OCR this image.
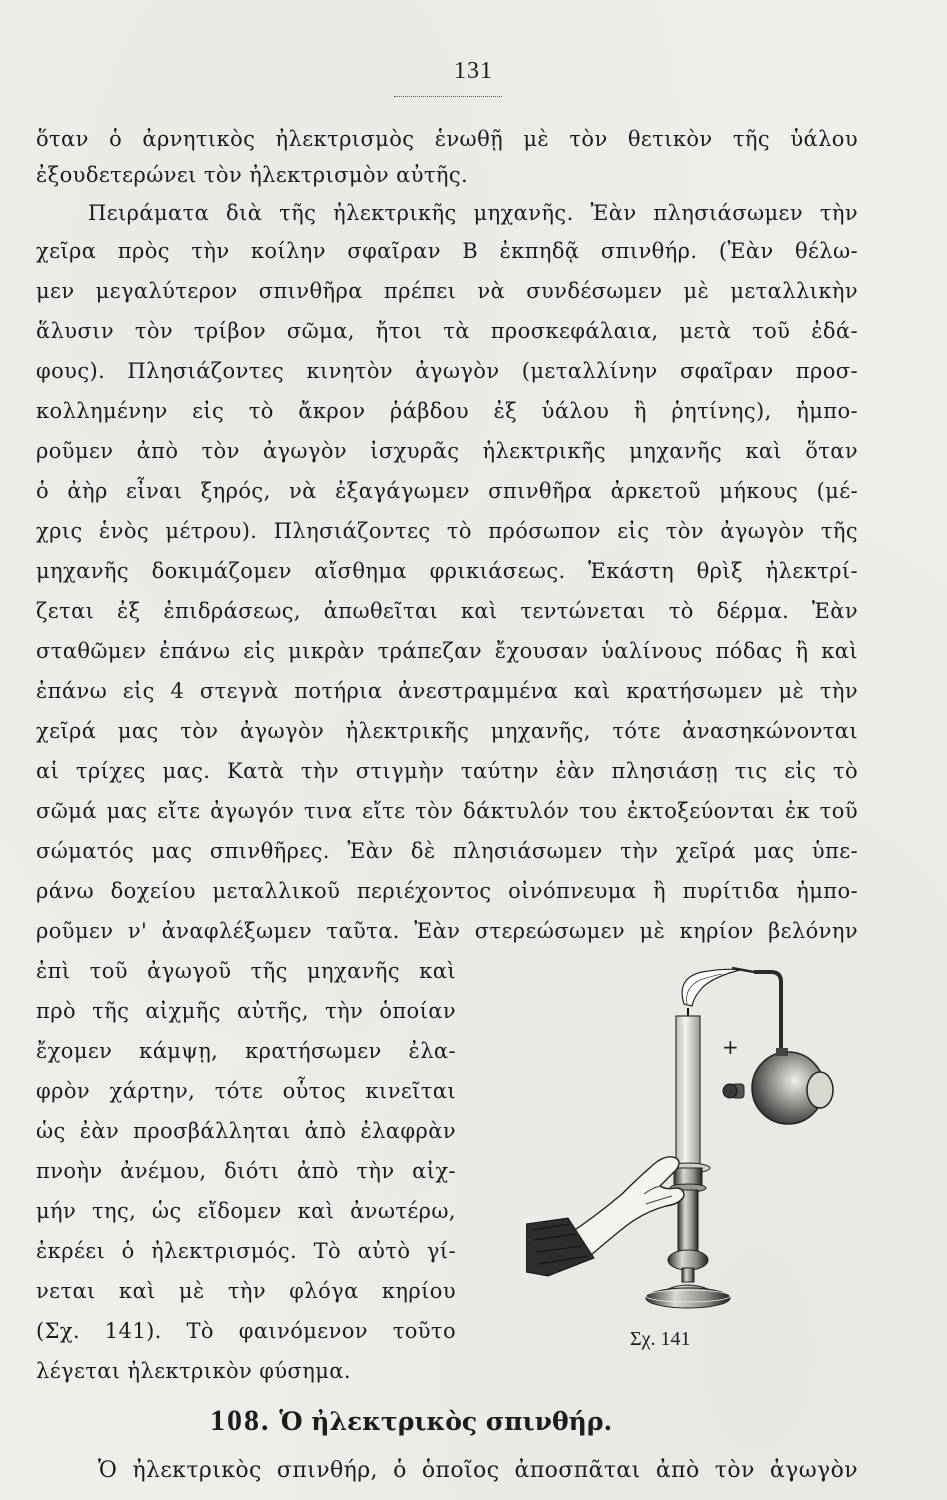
131
ὅταν ὁ ἀρνητικὸς ἠλεκτρισμὸς ἑνωθῇ μὲ τὸν θετικὸν τῆς ὑάλου
ἐξουδετερώνει τὸν ἠλεκτρισμὸν αὐτῆς.
Πειράματα διὰ τῆς ἠλεκτρικῆς μηχανῆς. Ἐὰν πλησιάσωμεν τὴν
χεῖρα πρὸς τὴν κοίλην σφαῖραν Β ἐκπηδᾷ σπινθήρ. (Ἐὰν θέλω-
μεν μεγαλύτερον σπινθῆρα πρέπει νὰ συνδέσωμεν μὲ μεταλλικὴν
ἅλυσιν τὸν τρίβον σῶμα, ἤτοι τὰ προσκεφάλαια, μετὰ τοῦ ἐδά-
φους). Πλησιάζοντες κινητὸν ἀγωγὸν (μεταλλίνην σφαῖραν προσ-
κολλημένην εἰς τὸ ἄκρον ῥάβδου ἐξ ὑάλου ἢ ῥητίνης), ἠμπο-
ροῦμεν ἀπὸ τὸν ἀγωγὸν ἰσχυρᾶς ἠλεκτρικῆς μηχανῆς καὶ ὅταν
ὁ ἀὴρ εἶναι ξηρός, νὰ ἐξαγάγωμεν σπινθῆρα ἀρκετοῦ μήκους (μέ-
χρις ἑνὸς μέτρου). Πλησιάζοντες τὸ πρόσωπον εἰς τὸν ἀγωγὸν τῆς
μηχανῆς δοκιμάζομεν αἴσθημα φρικιάσεως. Ἑκάστη θρὶξ ἠλεκτρί-
ζεται ἐξ ἐπιδράσεως, ἀπωθεῖται καὶ τεντώνεται τὸ δέρμα. Ἐὰν
σταθῶμεν ἐπάνω εἰς μικρὰν τράπεζαν ἔχουσαν ὑαλίνους πόδας ἢ καὶ
ἐπάνω εἰς 4 στεγνὰ ποτήρια ἀνεστραμμένα καὶ κρατήσωμεν μὲ τὴν
χεῖρά μας τὸν ἀγωγὸν ἠλεκτρικῆς μηχανῆς, τότε ἀνασηκώνονται
αἱ τρίχες μας. Κατὰ τὴν στιγμὴν ταύτην ἐὰν πλησιάσῃ τις εἰς τὸ
σῶμά μας εἴτε ἀγωγόν τινα εἴτε τὸν δάκτυλόν του ἐκτοξεύονται ἐκ τοῦ
σώματός μας σπινθῆρες. Ἐὰν δὲ πλησιάσωμεν τὴν χεῖρά μας ὑπε-
ράνω δοχείου μεταλλικοῦ περιέχοντος οἰνόπνευμα ἢ πυρίτιδα ἠμπο-
ροῦμεν ν' ἀναφλέξωμεν ταῦτα. Ἐὰν στερεώσωμεν μὲ κηρίον βελόνην
ἐπὶ τοῦ ἀγωγοῦ τῆς μηχανῆς καὶ
πρὸ τῆς αἰχμῆς αὐτῆς, τὴν ὁποίαν
ἔχομεν κάμψῃ, κρατήσωμεν ἐλα-
φρὸν χάρτην, τότε οὗτος κινεῖται
ὡς ἐὰν προσβάλληται ἀπὸ ἐλαφρὰν
πνοὴν ἀνέμου, διότι ἀπὸ τὴν αἰχ-
μήν της, ὡς εἴδομεν καὶ ἀνωτέρω,
ἐκρέει ὁ ἠλεκτρισμός. Τὸ αὐτὸ γί-
νεται καὶ μὲ τὴν φλόγα κηρίου
(Σχ. 141). Τὸ φαινόμενον τοῦτο
λέγεται ἠλεκτρικὸν φύσημα.
+
Σχ. 141
108. Ὁ ἠλεκτρικὸς σπινθήρ.
Ὁ ἠλεκτρικὸς σπινθήρ, ὁ ὁποῖος ἀποσπᾶται ἀπὸ τὸν ἀγωγὸν
